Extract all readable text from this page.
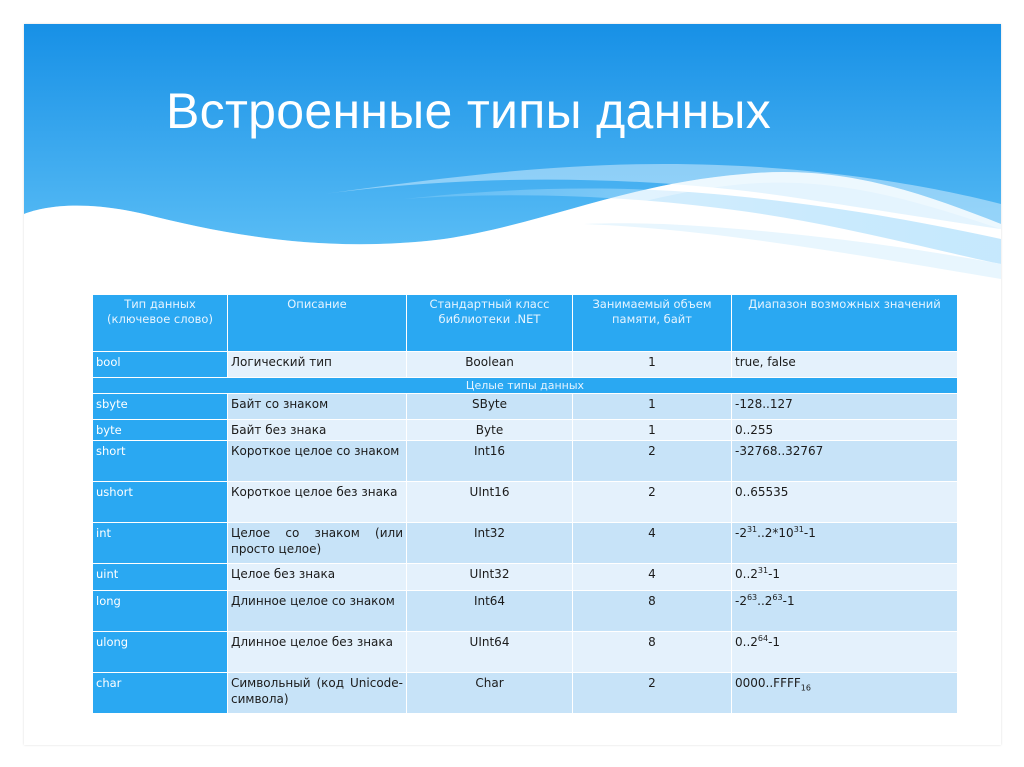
Встроенные типы данных
Тип данных (ключевое слово)	Описание	Стандартный класс библиотеки .NET	Занимаемый объем памяти, байт	Диапазон возможных значений
bool	Логический тип	Boolean	1	true, false
Целые типы данных				
sbyte	Байт со знаком	SByte	1	-128..127
byte	Байт без знака	Byte	1	0..255
short	Короткое целое со знаком	Int16	2	-32768..32767
ushort	Короткое целое без знака	UInt16	2	0..65535
int	Целое со знаком (или просто целое)	Int32	4	$-2^{31}..2*10^{31}-1$
uint	Целое без знака	UInt32	4	0..2$^{31}$-1
long	Длинное целое со знаком	Int64	8	$-2^{63}..2^{63}-1$
ulong	Длинное целое без знака	UInt64	8	0..2$^{64}$-1
char	Символьный (код Unicode-символа)	Char	2	$0000..FFFF_{16}$
